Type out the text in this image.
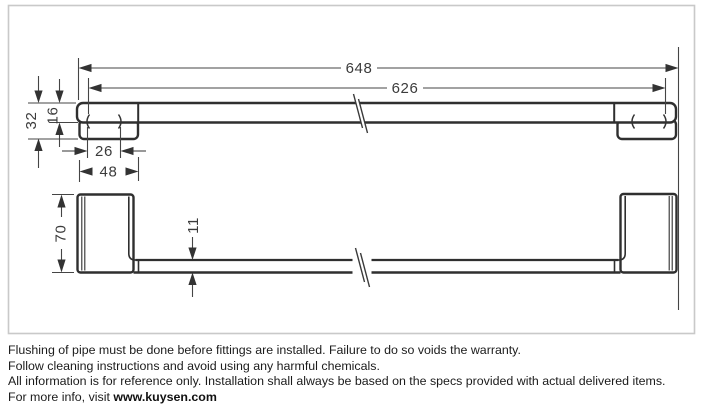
648
626
32 16
26
48
70	11
Flushing of pipe must be done before fittings are installed. Failure to do so voids the warranty.
Follow cleaning instructions and avoid using any harmful chemicals.
All information is for reference only. Installation shall always be based on the specs provided with actual delivered items.
For more info, visit www.kuysen.com
